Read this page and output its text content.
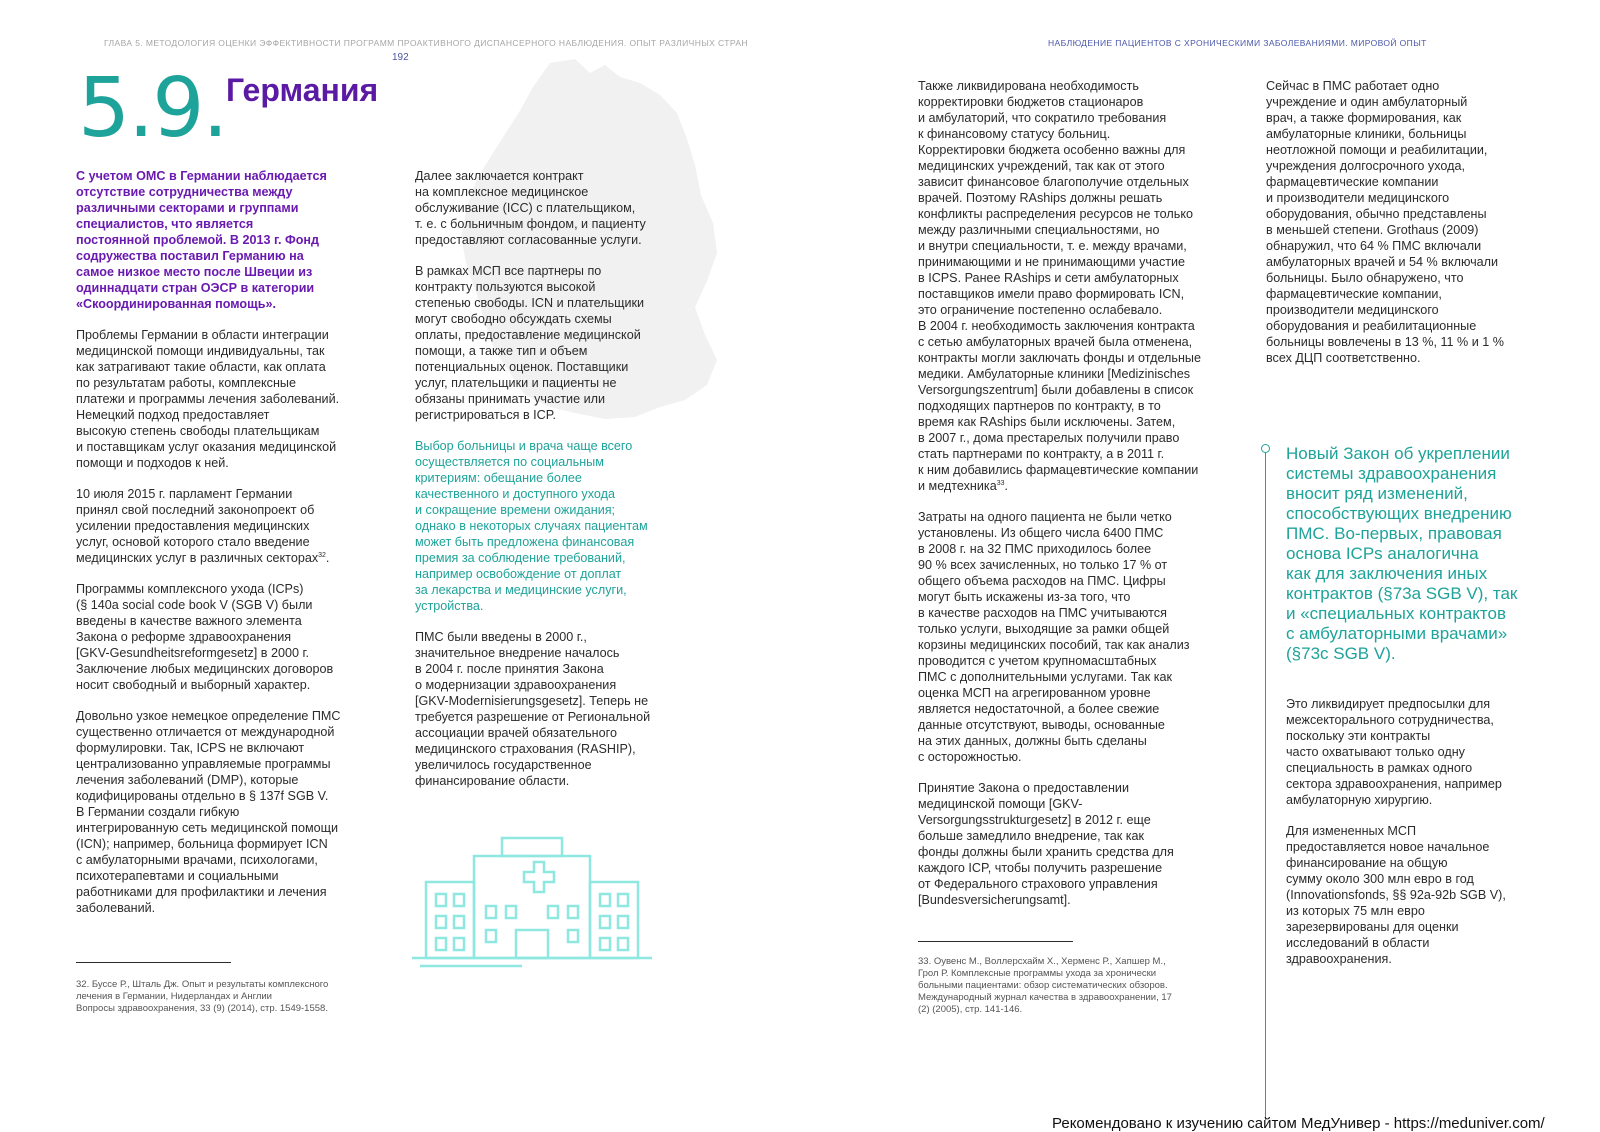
ГЛАВА 5. МЕТОДОЛОГИЯ ОЦЕНКИ ЭФФЕКТИВНОСТИ ПРОГРАММ ПРОАКТИВНОГО ДИСПАНСЕРНОГО НАБЛЮДЕНИЯ. ОПЫТ РАЗЛИЧНЫХ СТРАН
192
НАБЛЮДЕНИЕ ПАЦИЕНТОВ С ХРОНИЧЕСКИМИ ЗАБОЛЕВАНИЯМИ. МИРОВОЙ ОПЫТ
5.9. Германия

С учетом ОМС в Германии наблюдается
отсутствие сотрудничества между
различными секторами и группами
специалистов, что является
постоянной проблемой. В 2013 г. Фонд
содружества поставил Германию на
самое низкое место после Швеции из
одиннадцати стран ОЭСР в категории
«Скоординированная помощь».

Проблемы Германии в области интеграции
медицинской помощи индивидуальны, так
как затрагивают такие области, как оплата
по результатам работы, комплексные
платежи и программы лечения заболеваний.
Немецкий подход предоставляет
высокую степень свободы плательщикам
и поставщикам услуг оказания медицинской
помощи и подходов к ней.

10 июля 2015 г. парламент Германии
принял свой последний законопроект об
усилении предоставления медицинских
услуг, основой которого стало введение
медицинских услуг в различных секторах$^{32}$.

Программы комплексного ухода (ICPs)
(§ 140a social code book V (SGB V) были
введены в качестве важного элемента
Закона о реформе здравоохранения
[GKV-Gesundheitsreformgesetz] в 2000 г.
Заключение любых медицинских договоров
носит свободный и выборный характер.

Довольно узкое немецкое определение ПМС
существенно отличается от международной
формулировки. Так, ICPS не включают
централизованно управляемые программы
лечения заболеваний (DMP), которые
кодифицированы отдельно в § 137f SGB V.
В Германии создали гибкую
интегрированную сеть медицинской помощи
(ICN); например, больница формирует ICN
с амбулаторными врачами, психологами,
психотерапевтами и социальными
работниками для профилактики и лечения
заболеваний.

Далее заключается контракт
на комплексное медицинское
обслуживание (ICC) с плательщиком,
т. е. с больничным фондом, и пациенту
предоставляют согласованные услуги.

В рамках МСП все партнеры по
контракту пользуются высокой
степенью свободы. ICN и плательщики
могут свободно обсуждать схемы
оплаты, предоставление медицинской
помощи, а также тип и объем
потенциальных оценок. Поставщики
услуг, плательщики и пациенты не
обязаны принимать участие или
регистрироваться в ICP.

Выбор больницы и врача чаще всего
осуществляется по социальным
критериям: обещание более
качественного и доступного ухода
и сокращение времени ожидания;
однако в некоторых случаях пациентам
может быть предложена финансовая
премия за соблюдение требований,
например освобождение от доплат
за лекарства и медицинские услуги,
устройства.

ПМС были введены в 2000 г.,
значительное внедрение началось
в 2004 г. после принятия Закона
о модернизации здравоохранения
[GKV-Modernisierungsgesetz]. Теперь не
требуется разрешение от Региональной
ассоциации врачей обязательного
медицинского страхования (RASHIP),
увеличилось государственное
финансирование области.

32. Буссе Р., Шталь Дж. Опыт и результаты комплексного
лечения в Германии, Нидерландах и Англии
Вопросы здравоохранения, 33 (9) (2014), стр. 1549-1558.

Также ликвидирована необходимость
корректировки бюджетов стационаров
и амбулаторий, что сократило требования
к финансовому статусу больниц.
Корректировки бюджета особенно важны для
медицинских учреждений, так как от этого
зависит финансовое благополучие отдельных
врачей. Поэтому RAships должны решать
конфликты распределения ресурсов не только
между различными специальностями, но
и внутри специальности, т. е. между врачами,
принимающими и не принимающими участие
в ICPS. Ранее RAships и сети амбулаторных
поставщиков имели право формировать ICN,
это ограничение постепенно ослабевало.
В 2004 г. необходимость заключения контракта
с сетью амбулаторных врачей была отменена,
контракты могли заключать фонды и отдельные
медики. Амбулаторные клиники [Medizinisches
Versorgungszentrum] были добавлены в список
подходящих партнеров по контракту, в то
время как RAships были исключены. Затем,
в 2007 г., дома престарелых получили право
стать партнерами по контракту, а в 2011 г.
к ним добавились фармацевтические компании
и медтехника$^{33}$.

Затраты на одного пациента не были четко
установлены. Из общего числа 6400 ПМС
в 2008 г. на 32 ПМС приходилось более
90 % всех зачисленных, но только 17 % от
общего объема расходов на ПМС. Цифры
могут быть искажены из-за того, что
в качестве расходов на ПМС учитываются
только услуги, выходящие за рамки общей
корзины медицинских пособий, так как анализ
проводится с учетом крупномасштабных
ПМС с дополнительными услугами. Так как
оценка МСП на агрегированном уровне
является недостаточной, а более свежие
данные отсутствуют, выводы, основанные
на этих данных, должны быть сделаны
с осторожностью.

Принятие Закона о предоставлении
медицинской помощи [GKV-
Versorgungsstrukturgesetz] в 2012 г. еще
больше замедлило внедрение, так как
фонды должны были хранить средства для
каждого ICP, чтобы получить разрешение
от Федерального страхового управления
[Bundesversicherungsamt].

33. Оувенс М., Воллерсхайм Х., Херменс Р., Хапшер М.,
Грол Р. Комплексные программы ухода за хронически
больными пациентами: обзор систематических обзоров.
Международный журнал качества в здравоохранении, 17
(2) (2005), стр. 141-146.

Сейчас в ПМС работает одно
учреждение и один амбулаторный
врач, а также формирования, как
амбулаторные клиники, больницы
неотложной помощи и реабилитации,
учреждения долгосрочного ухода,
фармацевтические компании
и производители медицинского
оборудования, обычно представлены
в меньшей степени. Grothaus (2009)
обнаружил, что 64 % ПМС включали
амбулаторных врачей и 54 % включали
больницы. Было обнаружено, что
фармацевтические компании,
производители медицинского
оборудования и реабилитационные
больницы вовлечены в 13 %, 11 % и 1 %
всех ДЦП соответственно.

Новый Закон об укреплении
системы здравоохранения
вносит ряд изменений,
способствующих внедрению
ПМС. Во-первых, правовая
основа ICPs аналогична
как для заключения иных
контрактов (§73a SGB V), так
и «специальных контрактов
с амбулаторными врачами»
(§73c SGB V).

Это ликвидирует предпосылки для
межсекторального сотрудничества,
поскольку эти контракты
часто охватывают только одну
специальность в рамках одного
сектора здравоохранения, например
амбулаторную хирургию.

Для измененных МСП
предоставляется новое начальное
финансирование на общую
сумму около 300 млн евро в год
(Innovationsfonds, §§ 92a-92b SGB V),
из которых 75 млн евро
зарезервированы для оценки
исследований в области
здравоохранения.

Рекомендовано к изучению сайтом МедУнивер - https://meduniver.com/
